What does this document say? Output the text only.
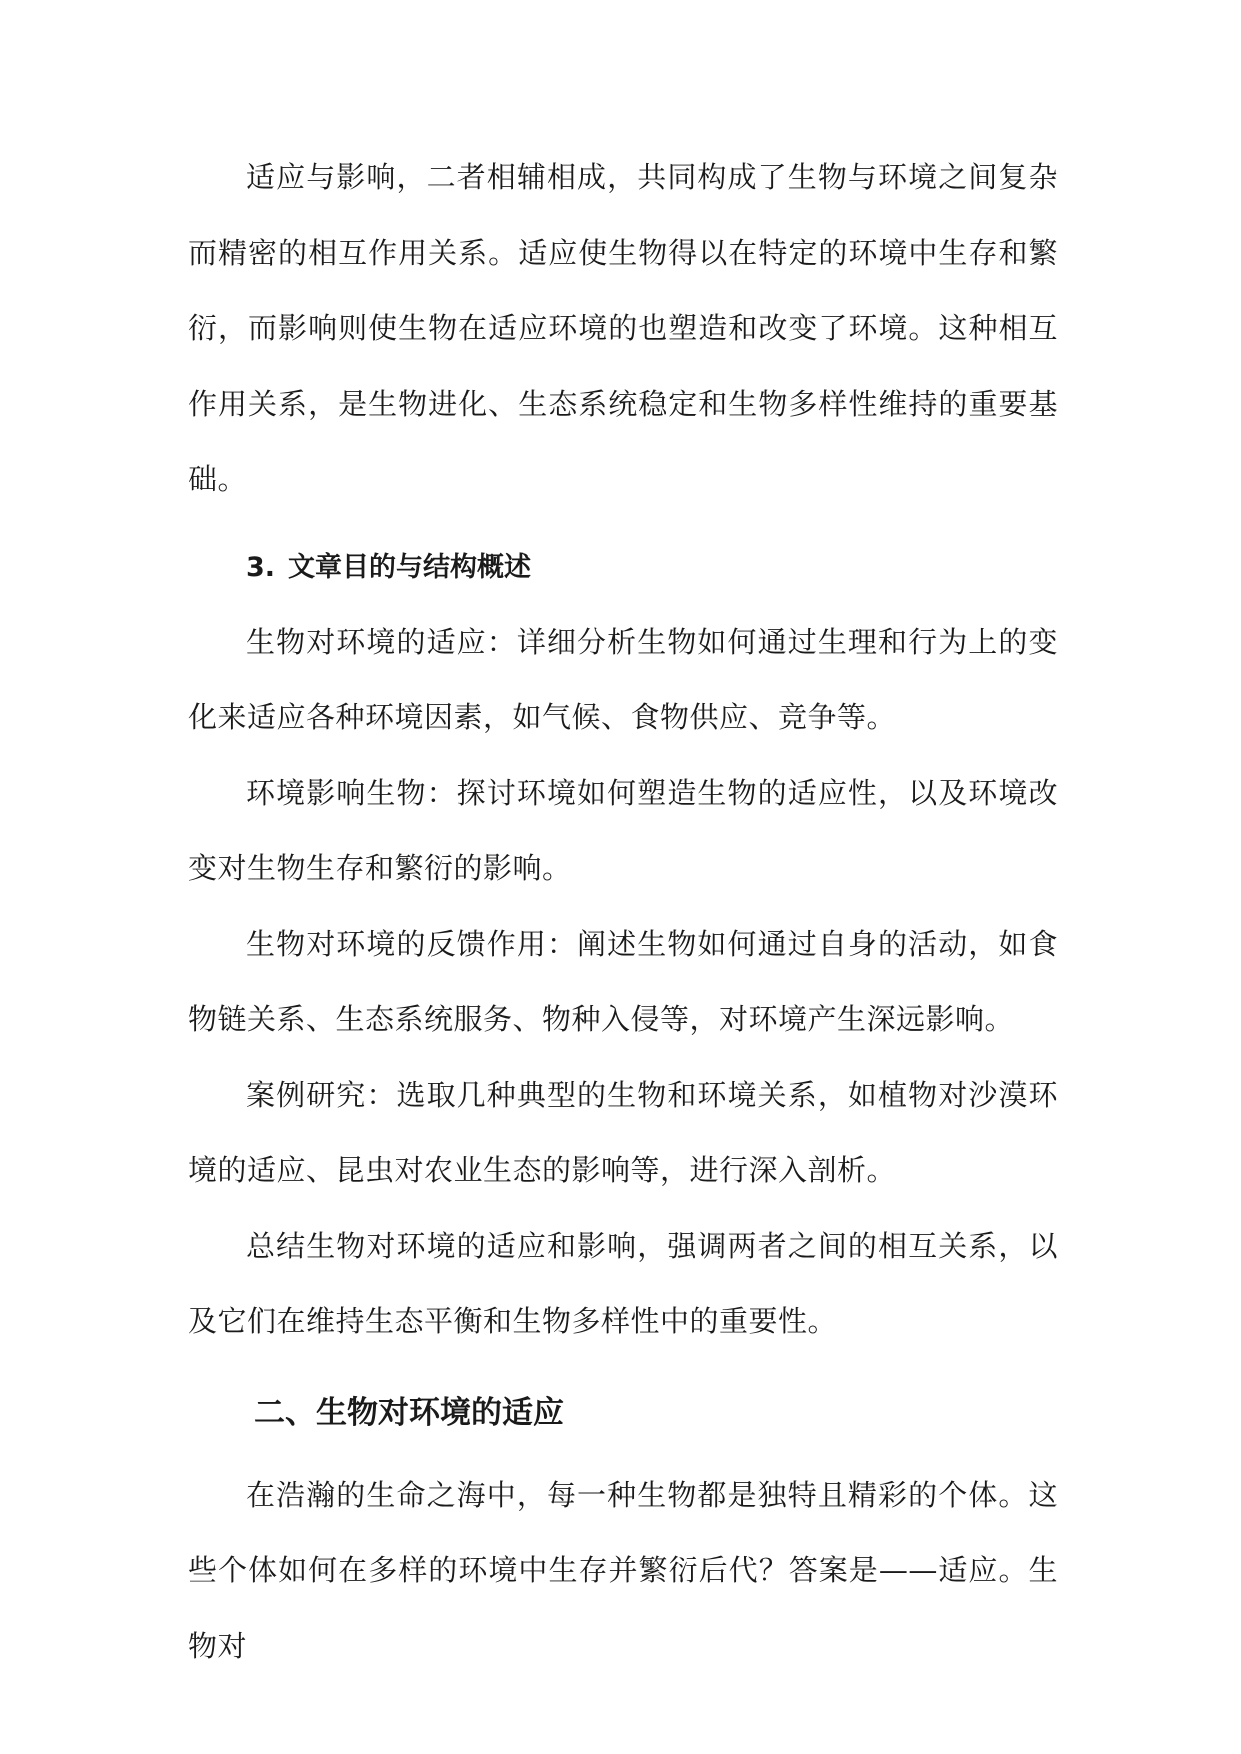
适应与影响，二者相辅相成，共同构成了生物与环境之间复杂而精密的相互作用关系。适应使生物得以在特定的环境中生存和繁衍，而影响则使生物在适应环境的也塑造和改变了环境。这种相互作用关系，是生物进化、生态系统稳定和生物多样性维持的重要基础。

3. 文章目的与结构概述

生物对环境的适应：详细分析生物如何通过生理和行为上的变化来适应各种环境因素，如气候、食物供应、竞争等。

环境影响生物：探讨环境如何塑造生物的适应性，以及环境改变对生物生存和繁衍的影响。

生物对环境的反馈作用：阐述生物如何通过自身的活动，如食物链关系、生态系统服务、物种入侵等，对环境产生深远影响。

案例研究：选取几种典型的生物和环境关系，如植物对沙漠环境的适应、昆虫对农业生态的影响等，进行深入剖析。

总结生物对环境的适应和影响，强调两者之间的相互关系，以及它们在维持生态平衡和生物多样性中的重要性。

二、生物对环境的适应

在浩瀚的生命之海中，每一种生物都是独特且精彩的个体。这些个体如何在多样的环境中生存并繁衍后代？答案是——适应。生物对
